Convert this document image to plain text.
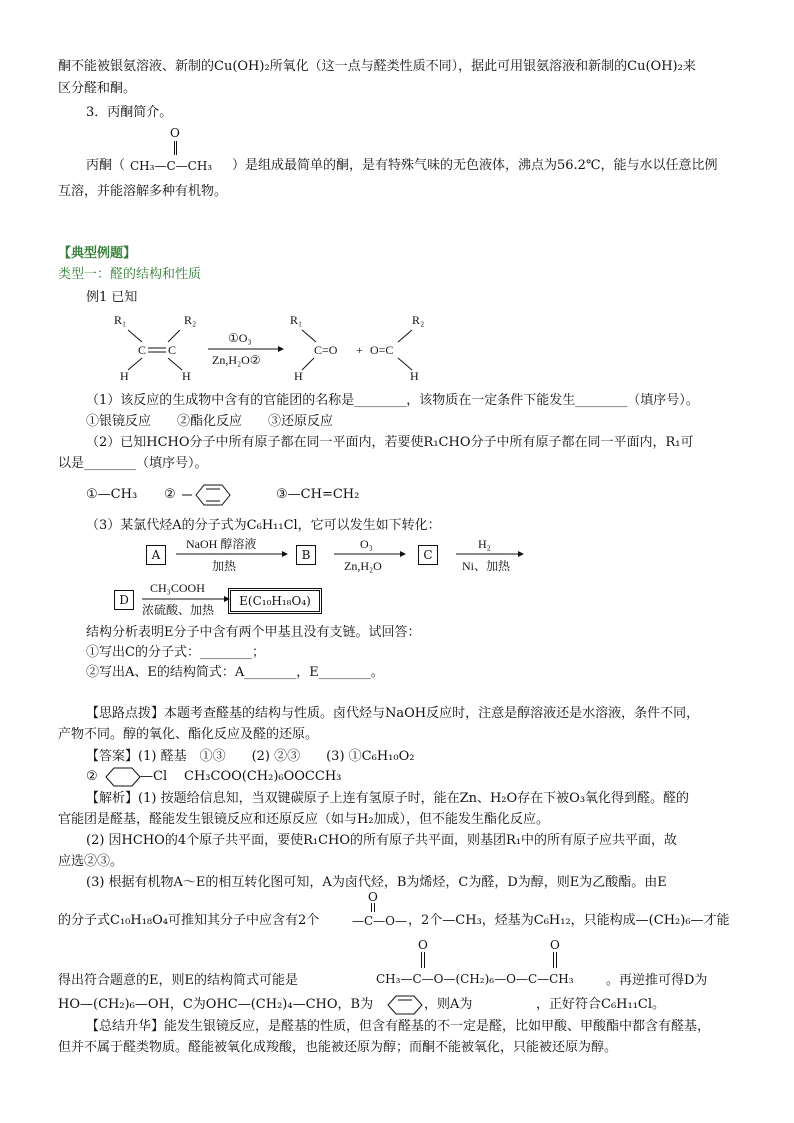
酮不能被银氨溶液、新制的Cu(OH)₂所氧化（这一点与醛类性质不同），据此可用银氨溶液和新制的Cu(OH)₂来
区分醛和酮。
3．丙酮简介。
丙酮（
O
CH₃—C—CH₃ ）是组成最简单的酮，是有特殊气味的无色液体，沸点为56.2℃，能与水以任意比例
互溶，并能溶解多种有机物。
【典型例题】
类型一：醛的结构和性质
例1 已知
R₁	R₂
C C
H	H
①O₃
Zn,H₂O②
R₁
C=O
H
+ O=C
R₂
H
（1）该反应的生成物中含有的官能团的名称是________，该物质在一定条件下能发生________（填序号）。
①银镜反应　　②酯化反应　　③还原反应
（2）已知HCHO分子中所有原子都在同一平面内，若要使R₁CHO分子中所有原子都在同一平面内，R₁可
以是________（填序号）。
①—CH₃ ②	③—CH=CH₂
（3）某氯代烃A的分子式为C₆H₁₁Cl，它可以发生如下转化：
A
NaOH 醇溶液
加热
B
O₃
Zn,H₂O
C
H₂
Ni、加热
D
CH₃COOH
浓硫酸、加热
E(C₁₀H₁₈O₄)
结构分析表明E分子中含有两个甲基且没有支链。试回答：
①写出C的分子式：________；
②写出A、E的结构简式：A________，E________。
【思路点拨】本题考查醛基的结构与性质。卤代烃与NaOH反应时，注意是醇溶液还是水溶液，条件不同，
产物不同。醇的氧化、酯化反应及醛的还原。
【答案】(1) 醛基　①③　　(2) ②③　　(3) ①C₆H₁₀O₂
②	—Cl CH₃COO(CH₂)₆OOCCH₃
【解析】(1) 按题给信息知，当双键碳原子上连有氢原子时，能在Zn、H₂O存在下被O₃氧化得到醛。醛的
官能团是醛基，醛能发生银镜反应和还原反应（如与H₂加成），但不能发生酯化反应。
(2) 因HCHO的4个原子共平面，要使R₁CHO的所有原子共平面，则基团R₁中的所有原子应共平面，故
应选②③。
(3) 根据有机物A～E的相互转化图可知，A为卤代烃，B为烯烃，C为醛，D为醇，则E为乙酸酯。由E
的分子式C₁₀H₁₈O₄可推知其分子中应含有2个
O
—C—O— ，2个—CH₃，烃基为C₆H₁₂，只能构成—(CH₂)₆—才能
得出符合题意的E，则E的结构简式可能是
O	O
CH₃—C—O—(CH₂)₆—O—C—CH₃ 。再逆推可得D为
HO—(CH₂)₆—OH，C为OHC—(CH₂)₄—CHO，B为	，则A为	，正好符合C₆H₁₁Cl。
【总结升华】能发生银镜反应，是醛基的性质，但含有醛基的不一定是醛，比如甲酸、甲酸酯中都含有醛基，
但并不属于醛类物质。醛能被氧化成羧酸，也能被还原为醇；而酮不能被氧化，只能被还原为醇。
